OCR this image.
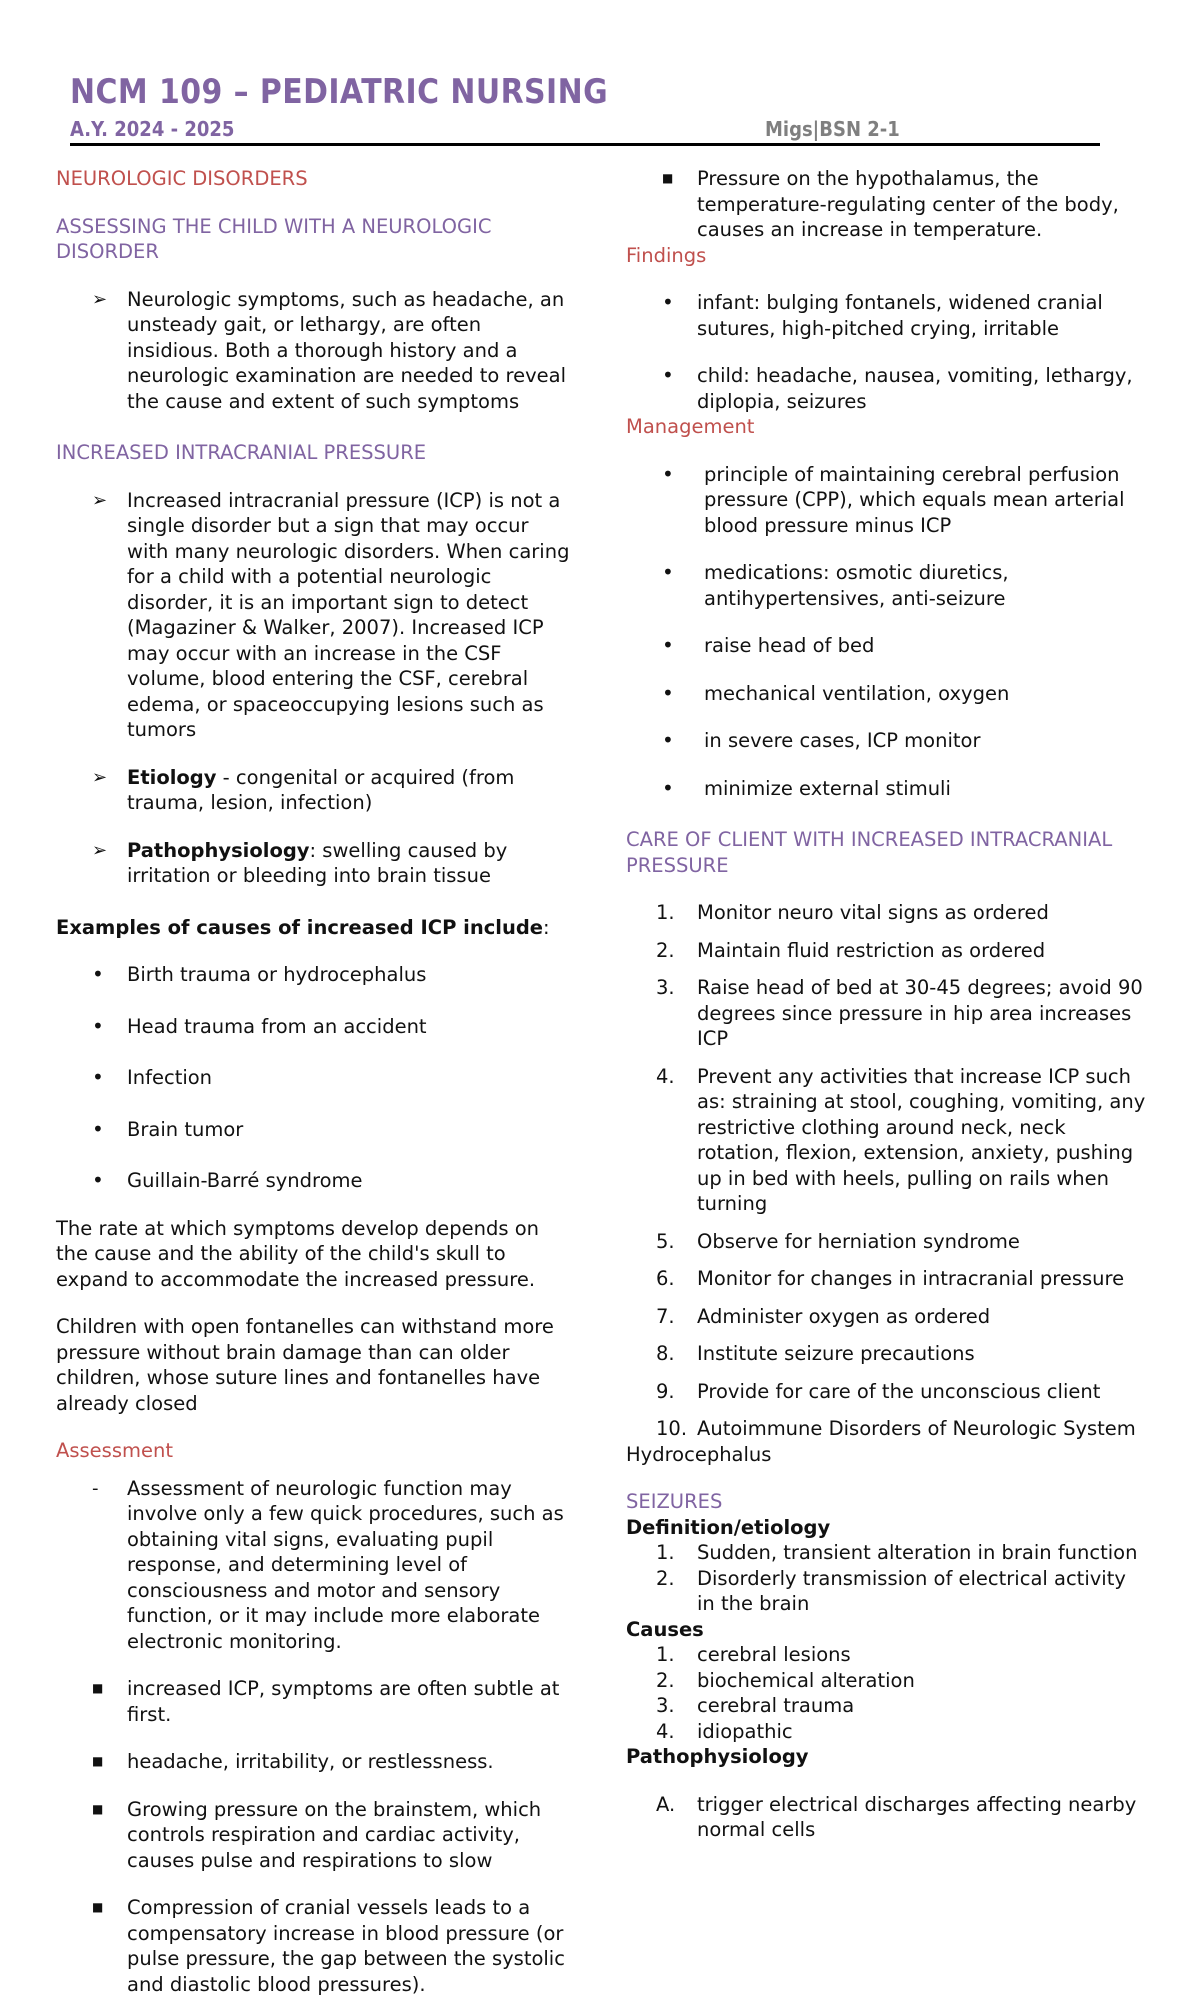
NCM 109 – PEDIATRIC NURSING
A.Y. 2024 - 2025	Migs|BSN 2-1

NEUROLOGIC DISORDERS

ASSESSING THE CHILD WITH A NEUROLOGIC DISORDER

➢	Neurologic symptoms, such as headache, an unsteady gait, or lethargy, are often insidious. Both a thorough history and a neurologic examination are needed to reveal the cause and extent of such symptoms

INCREASED INTRACRANIAL PRESSURE

➢	Increased intracranial pressure (ICP) is not a single disorder but a sign that may occur with many neurologic disorders. When caring for a child with a potential neurologic disorder, it is an important sign to detect (Magaziner & Walker, 2007). Increased ICP may occur with an increase in the CSF volume, blood entering the CSF, cerebral edema, or spaceoccupying lesions such as tumors
➢	Etiology - congenital or acquired (from trauma, lesion, infection)
➢	Pathophysiology: swelling caused by irritation or bleeding into brain tissue

Examples of causes of increased ICP include:

•	Birth trauma or hydrocephalus
•	Head trauma from an accident
•	Infection
•	Brain tumor
•	Guillain-Barré syndrome

The rate at which symptoms develop depends on the cause and the ability of the child's skull to expand to accommodate the increased pressure.

Children with open fontanelles can withstand more pressure without brain damage than can older children, whose suture lines and fontanelles have already closed

Assessment

-	Assessment of neurologic function may involve only a few quick procedures, such as obtaining vital signs, evaluating pupil response, and determining level of consciousness and motor and sensory function, or it may include more elaborate electronic monitoring.
■	increased ICP, symptoms are often subtle at first.
■	headache, irritability, or restlessness.
■	Growing pressure on the brainstem, which controls respiration and cardiac activity, causes pulse and respirations to slow
■	Compression of cranial vessels leads to a compensatory increase in blood pressure (or pulse pressure, the gap between the systolic and diastolic blood pressures).
■	Pressure on the hypothalamus, the temperature-regulating center of the body, causes an increase in temperature.

Findings

•	infant: bulging fontanels, widened cranial sutures, high-pitched crying, irritable
•	child: headache, nausea, vomiting, lethargy, diplopia, seizures

Management

•	principle of maintaining cerebral perfusion pressure (CPP), which equals mean arterial blood pressure minus ICP
•	medications: osmotic diuretics, antihypertensives, anti-seizure
•	raise head of bed
•	mechanical ventilation, oxygen
•	in severe cases, ICP monitor
•	minimize external stimuli

CARE OF CLIENT WITH INCREASED INTRACRANIAL PRESSURE

1.	Monitor neuro vital signs as ordered
2.	Maintain fluid restriction as ordered
3.	Raise head of bed at 30-45 degrees; avoid 90 degrees since pressure in hip area increases ICP
4.	Prevent any activities that increase ICP such as: straining at stool, coughing, vomiting, any restrictive clothing around neck, neck rotation, flexion, extension, anxiety, pushing up in bed with heels, pulling on rails when turning
5.	Observe for herniation syndrome
6.	Monitor for changes in intracranial pressure
7.	Administer oxygen as ordered
8.	Institute seizure precautions
9.	Provide for care of the unconscious client
10. Autoimmune Disorders of Neurologic System

Hydrocephalus

SEIZURES

Definition/etiology

1.	Sudden, transient alteration in brain function
2.	Disorderly transmission of electrical activity in the brain

Causes

1.	cerebral lesions
2.	biochemical alteration
3.	cerebral trauma
4.	idiopathic

Pathophysiology

A.	trigger electrical discharges affecting nearby normal cells
